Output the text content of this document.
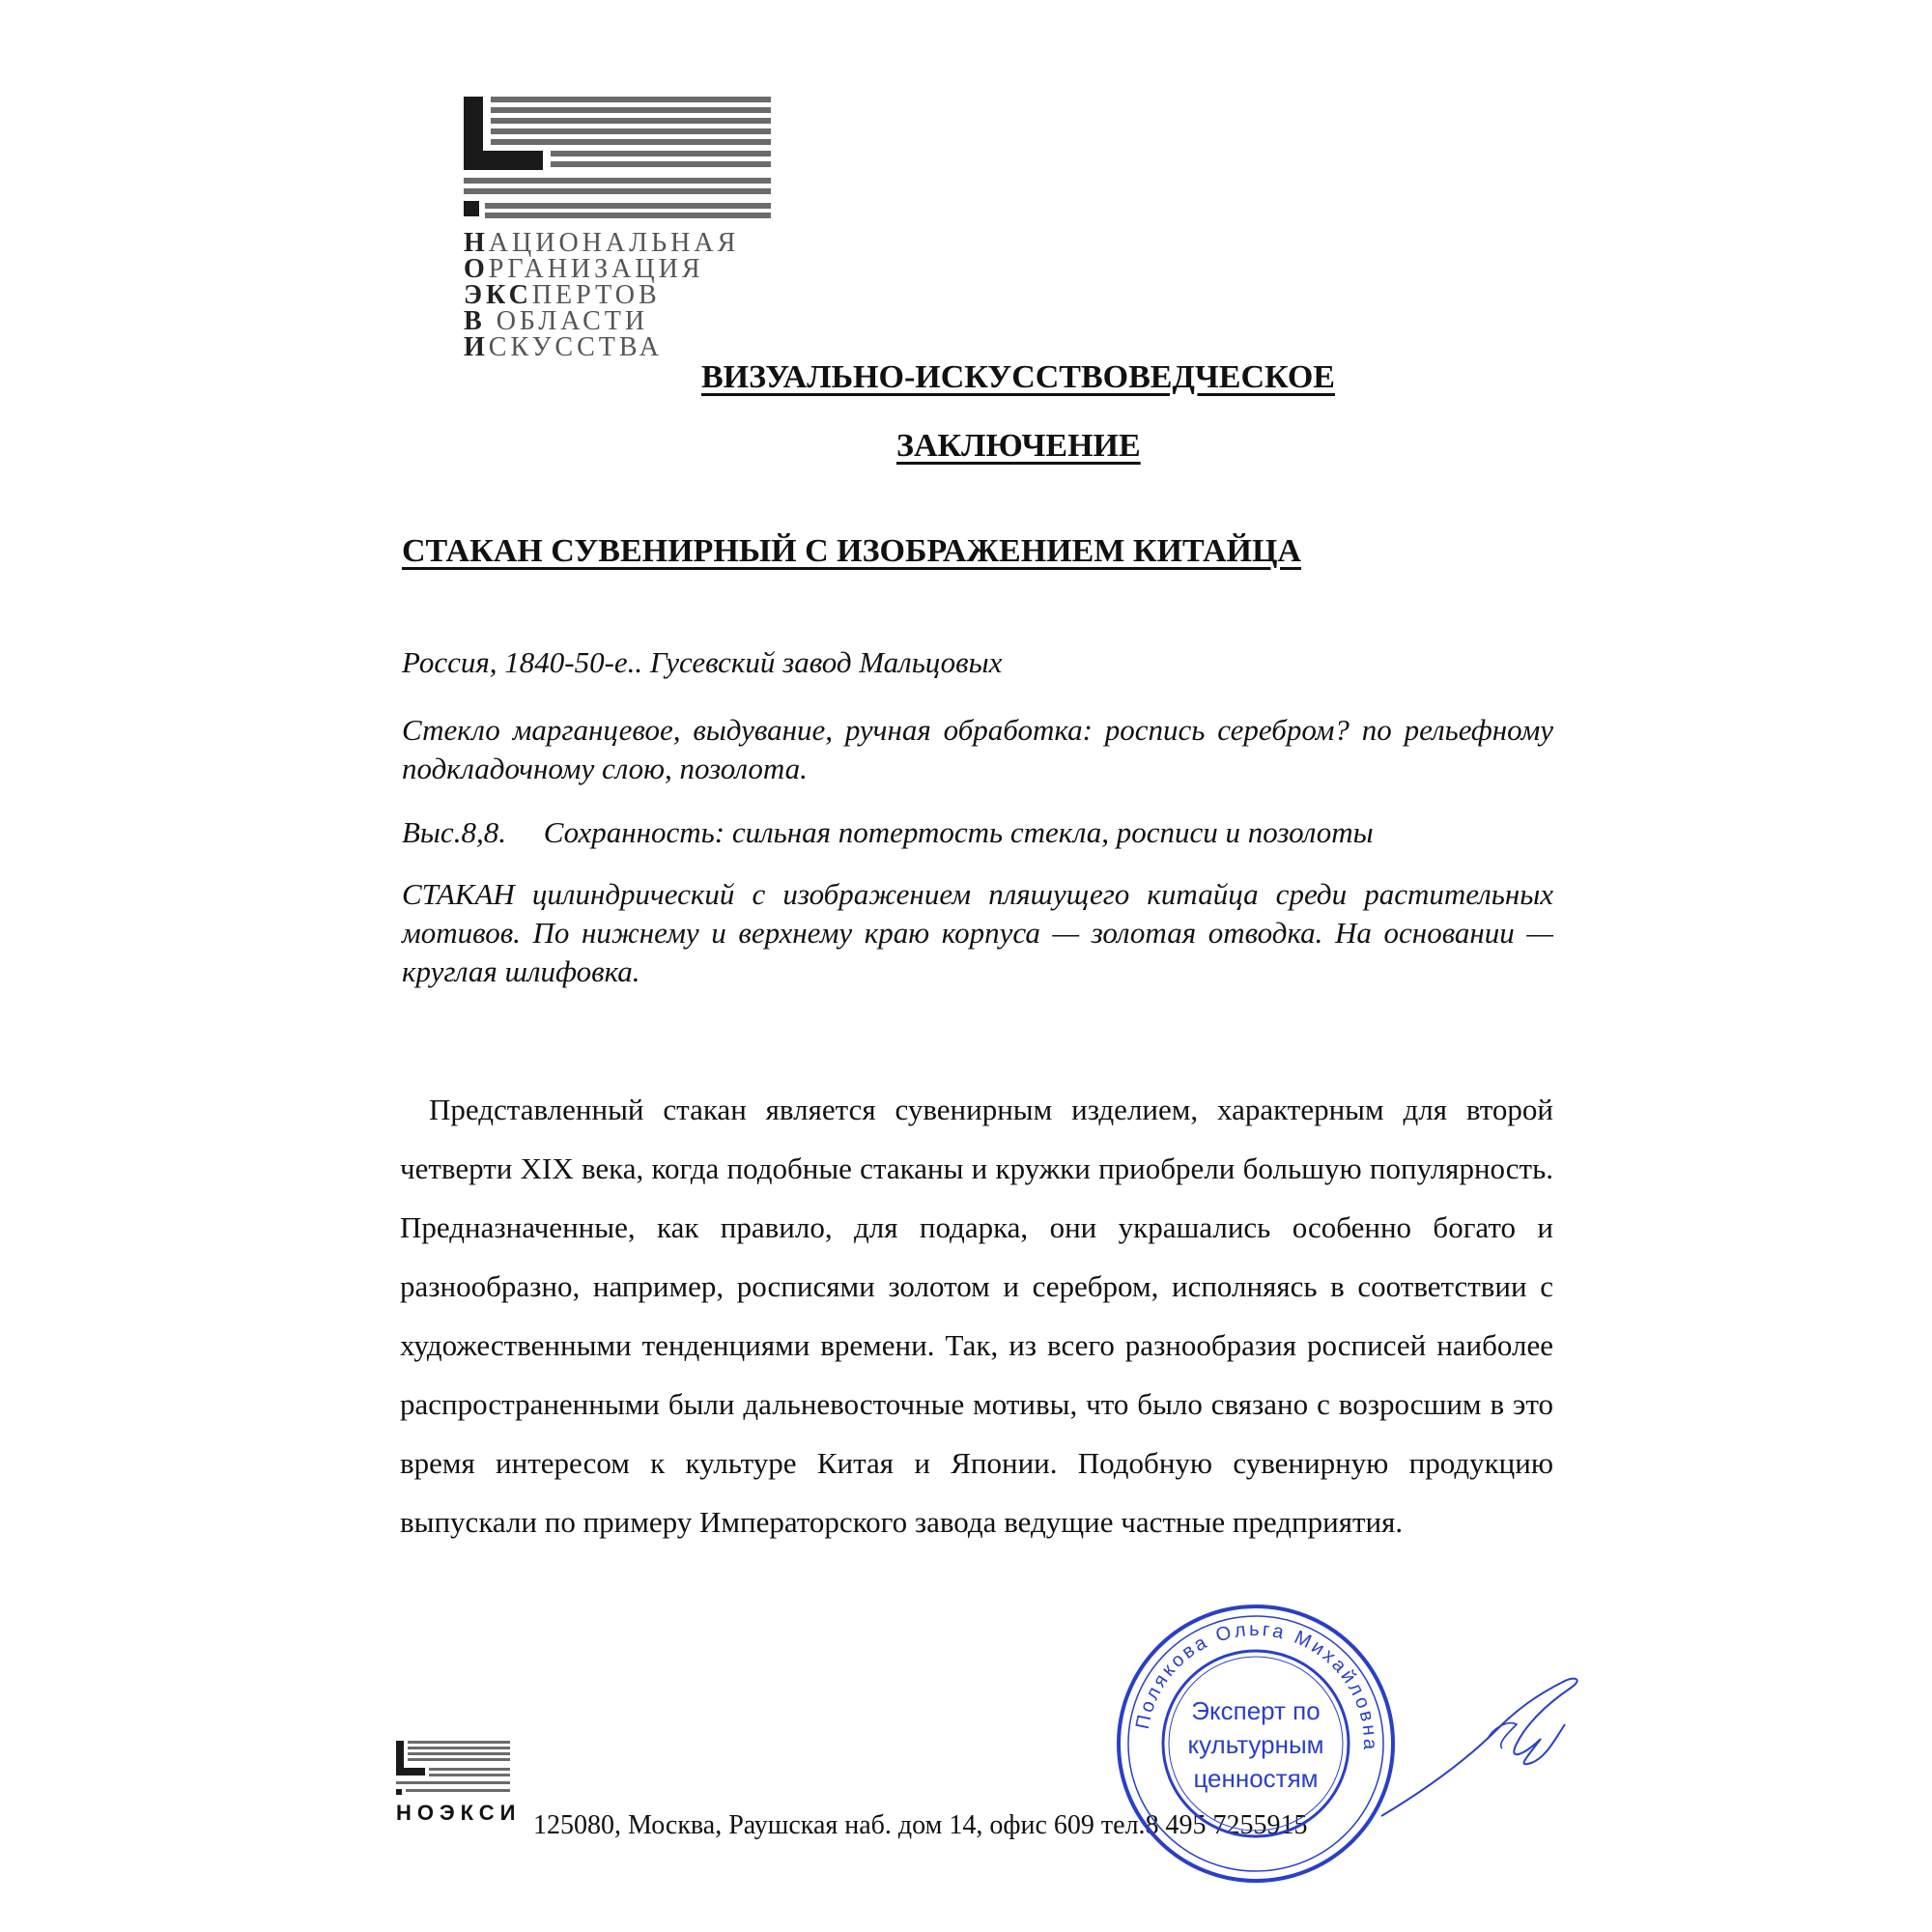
НАЦИОНАЛЬНАЯ
ОРГАНИЗАЦИЯ
ЭКСПЕРТОВ
В ОБЛАСТИ
ИСКУССТВА
ВИЗУАЛЬНО-ИСКУССТВОВЕДЧЕСКОЕ
ЗАКЛЮЧЕНИЕ
СТАКАН СУВЕНИРНЫЙ С ИЗОБРАЖЕНИЕМ КИТАЙЦА
Россия, 1840-50-е.. Гусевский завод Мальцовых
Стекло марганцевое, выдувание, ручная обработка: роспись серебром? по рельефному подкладочному слою, позолота.
Выс.8,8. Сохранность: сильная потертость стекла, росписи и позолоты
СТАКАН цилиндрический с изображением пляшущего китайца среди растительных мотивов. По нижнему и верхнему краю корпуса — золотая отводка. На основании — круглая шлифовка.
Представленный стакан является сувенирным изделием, характерным для второй четверти XIX века, когда подобные стаканы и кружки приобрели большую популярность. Предназначенные, как правило, для подарка, они украшались особенно богато и разнообразно, например, росписями золотом и серебром, исполняясь в соответствии с художественными тенденциями времени. Так, из всего разнообразия росписей наиболее распространенными были дальневосточные мотивы, что было связано с возросшим в это время интересом к культуре Китая и Японии. Подобную сувенирную продукцию выпускали по примеру Императорского завода ведущие частные предприятия.
НОЭКСИ 125080, Москва, Раушская наб. дом 14, офис 609 тел.8 495 7255915
Полякова Ольга Михайловна
Эксперт по
культурным
ценностям
